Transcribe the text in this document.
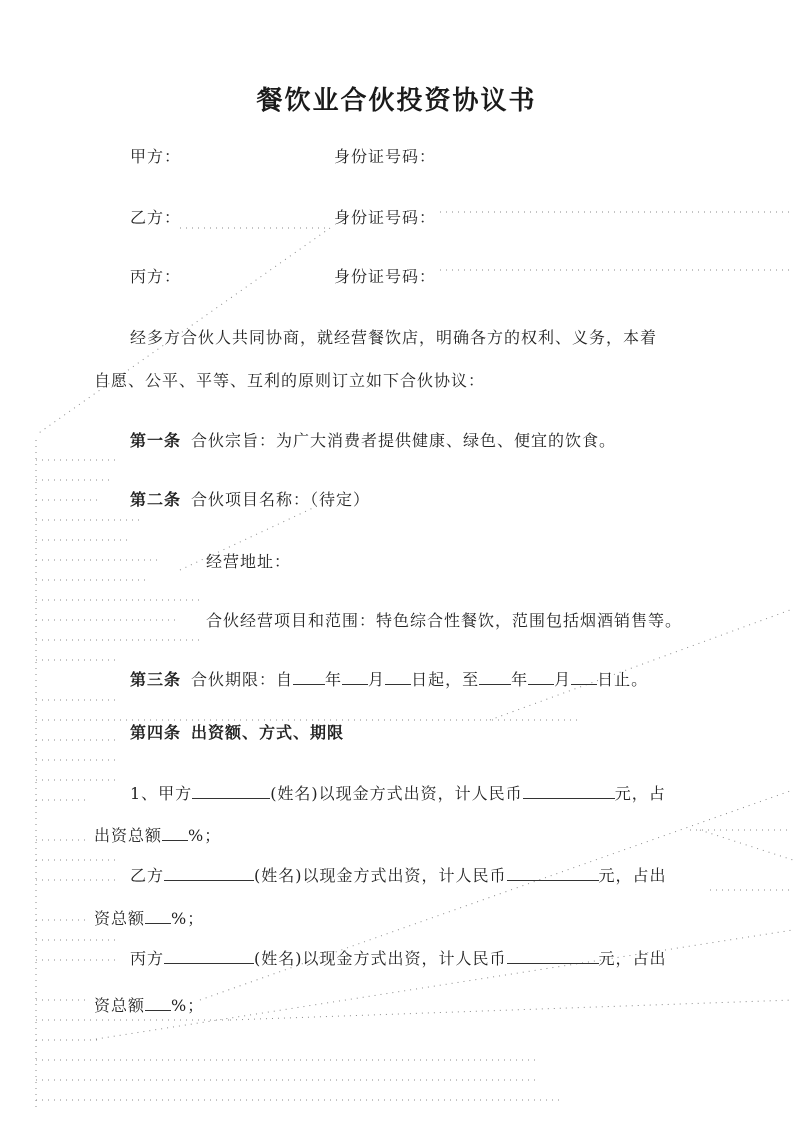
餐饮业合伙投资协议书
甲方：	身份证号码：
乙方：	身份证号码：
丙方：	身份证号码：
经多方合伙人共同协商，就经营餐饮店，明确各方的权利、义务，本着
自愿、公平、平等、互利的原则订立如下合伙协议：
第一条 合伙宗旨：为广大消费者提供健康、绿色、便宜的饮食。
第二条 合伙项目名称：（待定）
经营地址：
合伙经营项目和范围：特色综合性餐饮，范围包括烟酒销售等。
第三条 合伙期限：自 年 月 日起，至 年 月 日止。
第四条 出资额、方式、期限
1、甲方	(姓名)以现金方式出资，计人民币	元，占
出资总额 %；
乙方	(姓名)以现金方式出资，计人民币	元，占出
资总额 %；
丙方	(姓名)以现金方式出资，计人民币	元，占出
资总额 %；
